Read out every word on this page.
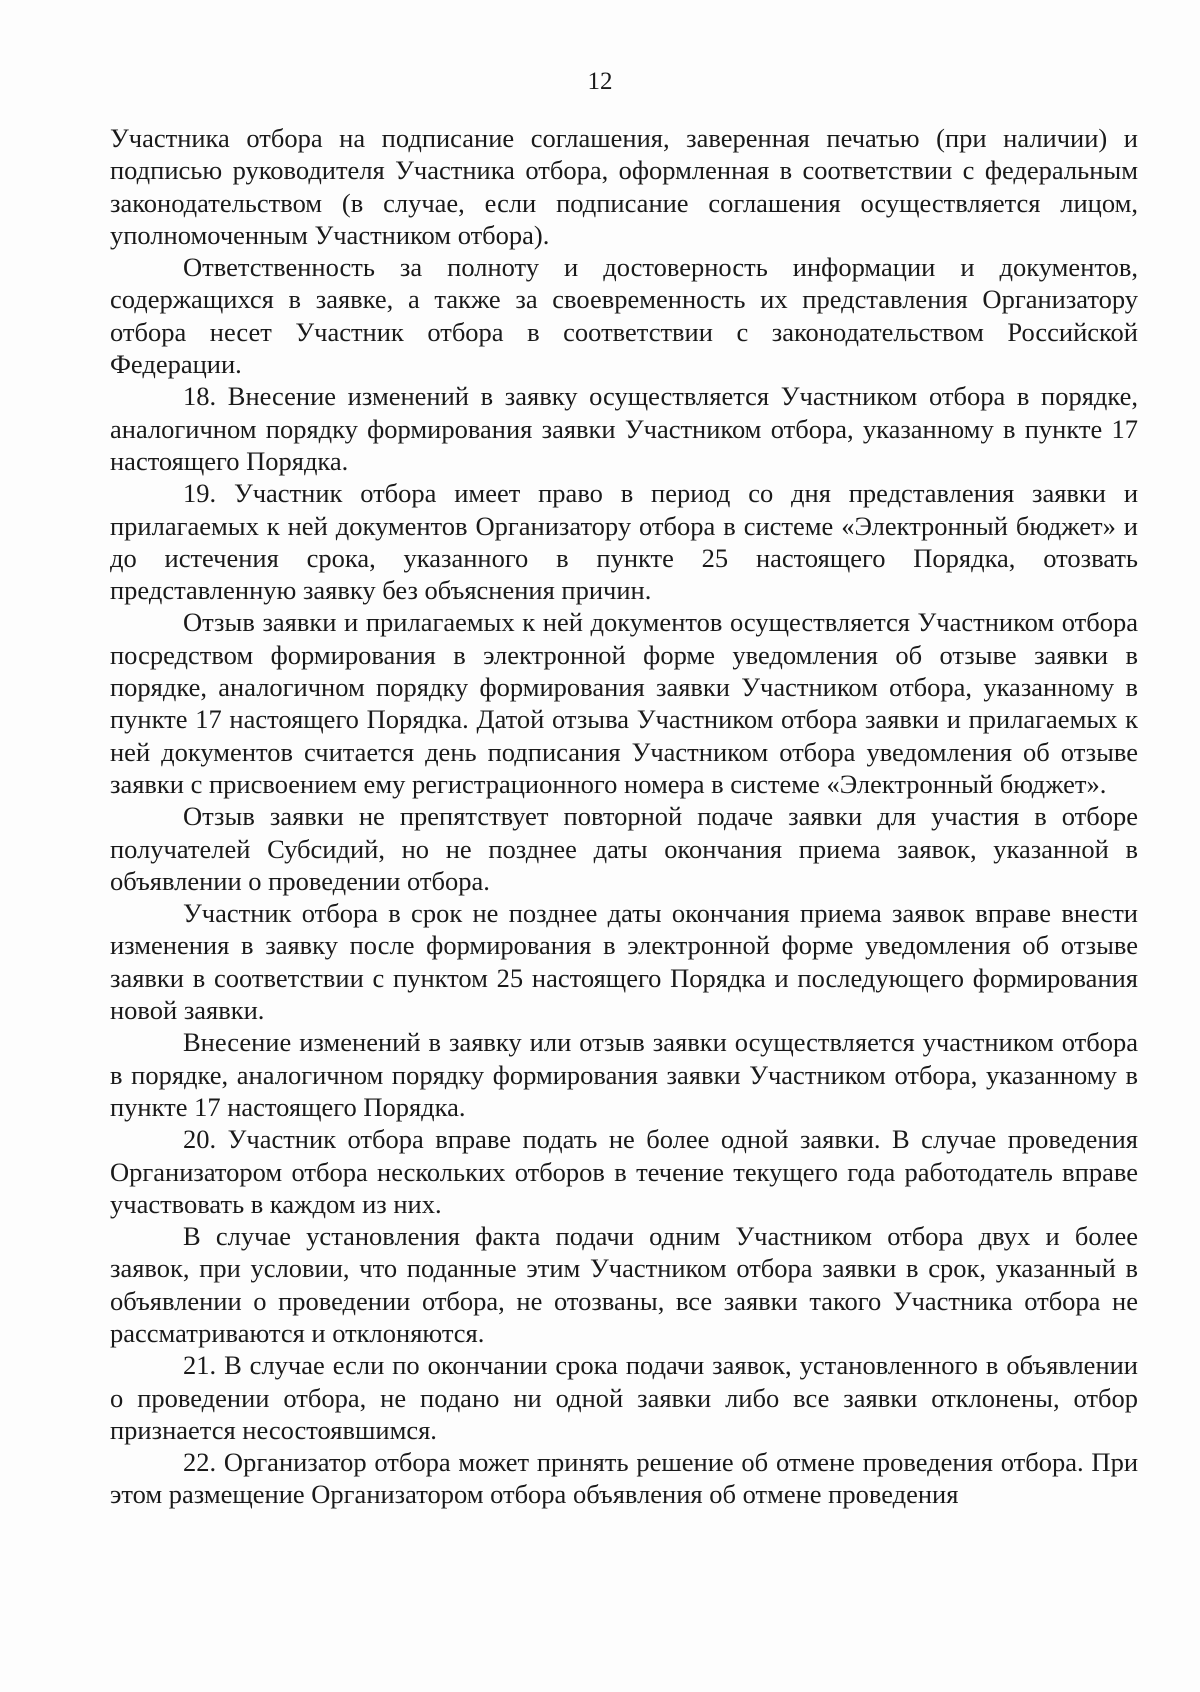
12

Участника отбора на подписание соглашения, заверенная печатью (при наличии) и подписью руководителя Участника отбора, оформленная в соответствии с федеральным законодательством (в случае, если подписание соглашения осуществляется лицом, уполномоченным Участником отбора).

Ответственность за полноту и достоверность информации и документов, содержащихся в заявке, а также за своевременность их представления Организатору отбора несет Участник отбора в соответствии с законодательством Российской Федерации.

18. Внесение изменений в заявку осуществляется Участником отбора в порядке, аналогичном порядку формирования заявки Участником отбора, указанному в пункте 17 настоящего Порядка.

19. Участник отбора имеет право в период со дня представления заявки и прилагаемых к ней документов Организатору отбора в системе «Электронный бюджет» и до истечения срока, указанного в пункте 25 настоящего Порядка, отозвать представленную заявку без объяснения причин.

Отзыв заявки и прилагаемых к ней документов осуществляется Участником отбора посредством формирования в электронной форме уведомления об отзыве заявки в порядке, аналогичном порядку формирования заявки Участником отбора, указанному в пункте 17 настоящего Порядка. Датой отзыва Участником отбора заявки и прилагаемых к ней документов считается день подписания Участником отбора уведомления об отзыве заявки с присвоением ему регистрационного номера в системе «Электронный бюджет».

Отзыв заявки не препятствует повторной подаче заявки для участия в отборе получателей Субсидий, но не позднее даты окончания приема заявок, указанной в объявлении о проведении отбора.

Участник отбора в срок не позднее даты окончания приема заявок вправе внести изменения в заявку после формирования в электронной форме уведомления об отзыве заявки в соответствии с пунктом 25 настоящего Порядка и последующего формирования новой заявки.

Внесение изменений в заявку или отзыв заявки осуществляется участником отбора в порядке, аналогичном порядку формирования заявки Участником отбора, указанному в пункте 17 настоящего Порядка.

20. Участник отбора вправе подать не более одной заявки. В случае проведения Организатором отбора нескольких отборов в течение текущего года работодатель вправе участвовать в каждом из них.

В случае установления факта подачи одним Участником отбора двух и более заявок, при условии, что поданные этим Участником отбора заявки в срок, указанный в объявлении о проведении отбора, не отозваны, все заявки такого Участника отбора не рассматриваются и отклоняются.

21. В случае если по окончании срока подачи заявок, установленного в объявлении о проведении отбора, не подано ни одной заявки либо все заявки отклонены, отбор признается несостоявшимся.

22. Организатор отбора может принять решение об отмене проведения отбора. При этом размещение Организатором отбора объявления об отмене проведения
